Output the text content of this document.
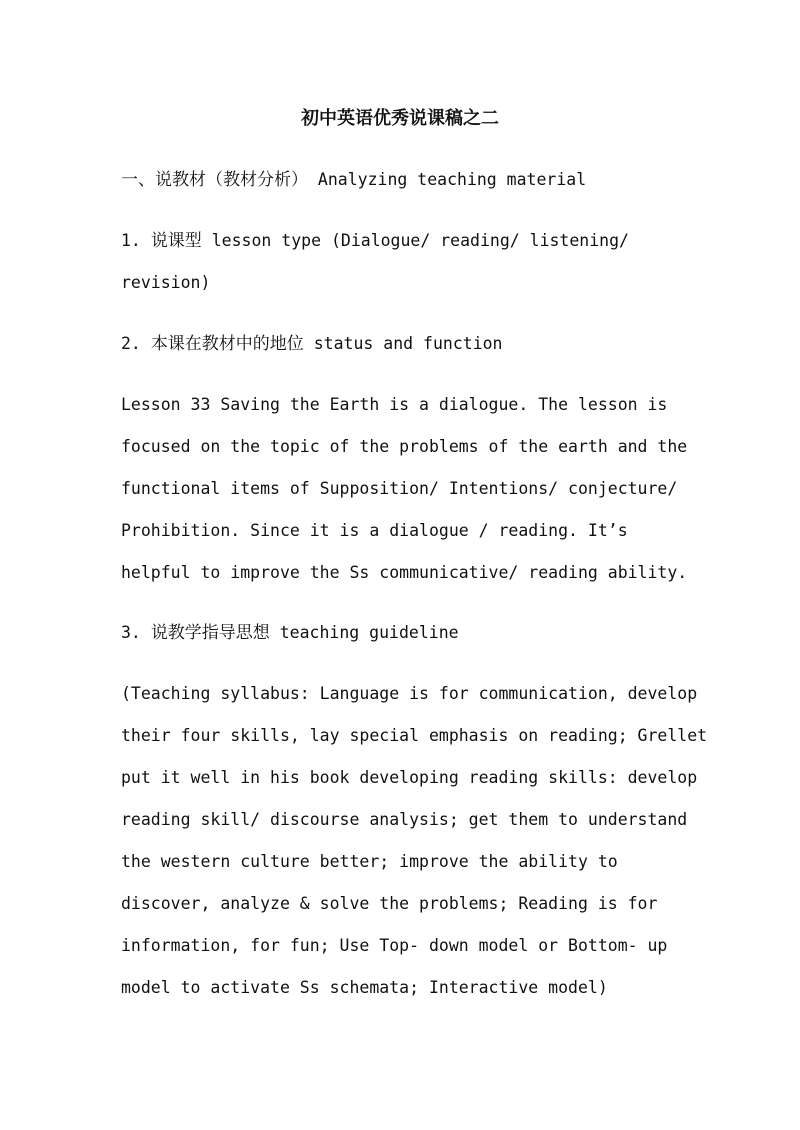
初中英语优秀说课稿之二
一、说教材（教材分析） Analyzing teaching material
1. 说课型 lesson type (Dialogue/ reading/ listening/
revision)
2. 本课在教材中的地位 status and function
Lesson 33 Saving the Earth is a dialogue. The lesson is
focused on the topic of the problems of the earth and the
functional items of Supposition/ Intentions/ conjecture/
Prohibition. Since it is a dialogue / reading. It’s
helpful to improve the Ss communicative/ reading ability.
3. 说教学指导思想 teaching guideline
(Teaching syllabus: Language is for communication, develop
their four skills, lay special emphasis on reading; Grellet
put it well in his book developing reading skills: develop
reading skill/ discourse analysis; get them to understand
the western culture better; improve the ability to
discover, analyze & solve the problems; Reading is for
information, for fun; Use Top- down model or Bottom- up
model to activate Ss schemata; Interactive model)
